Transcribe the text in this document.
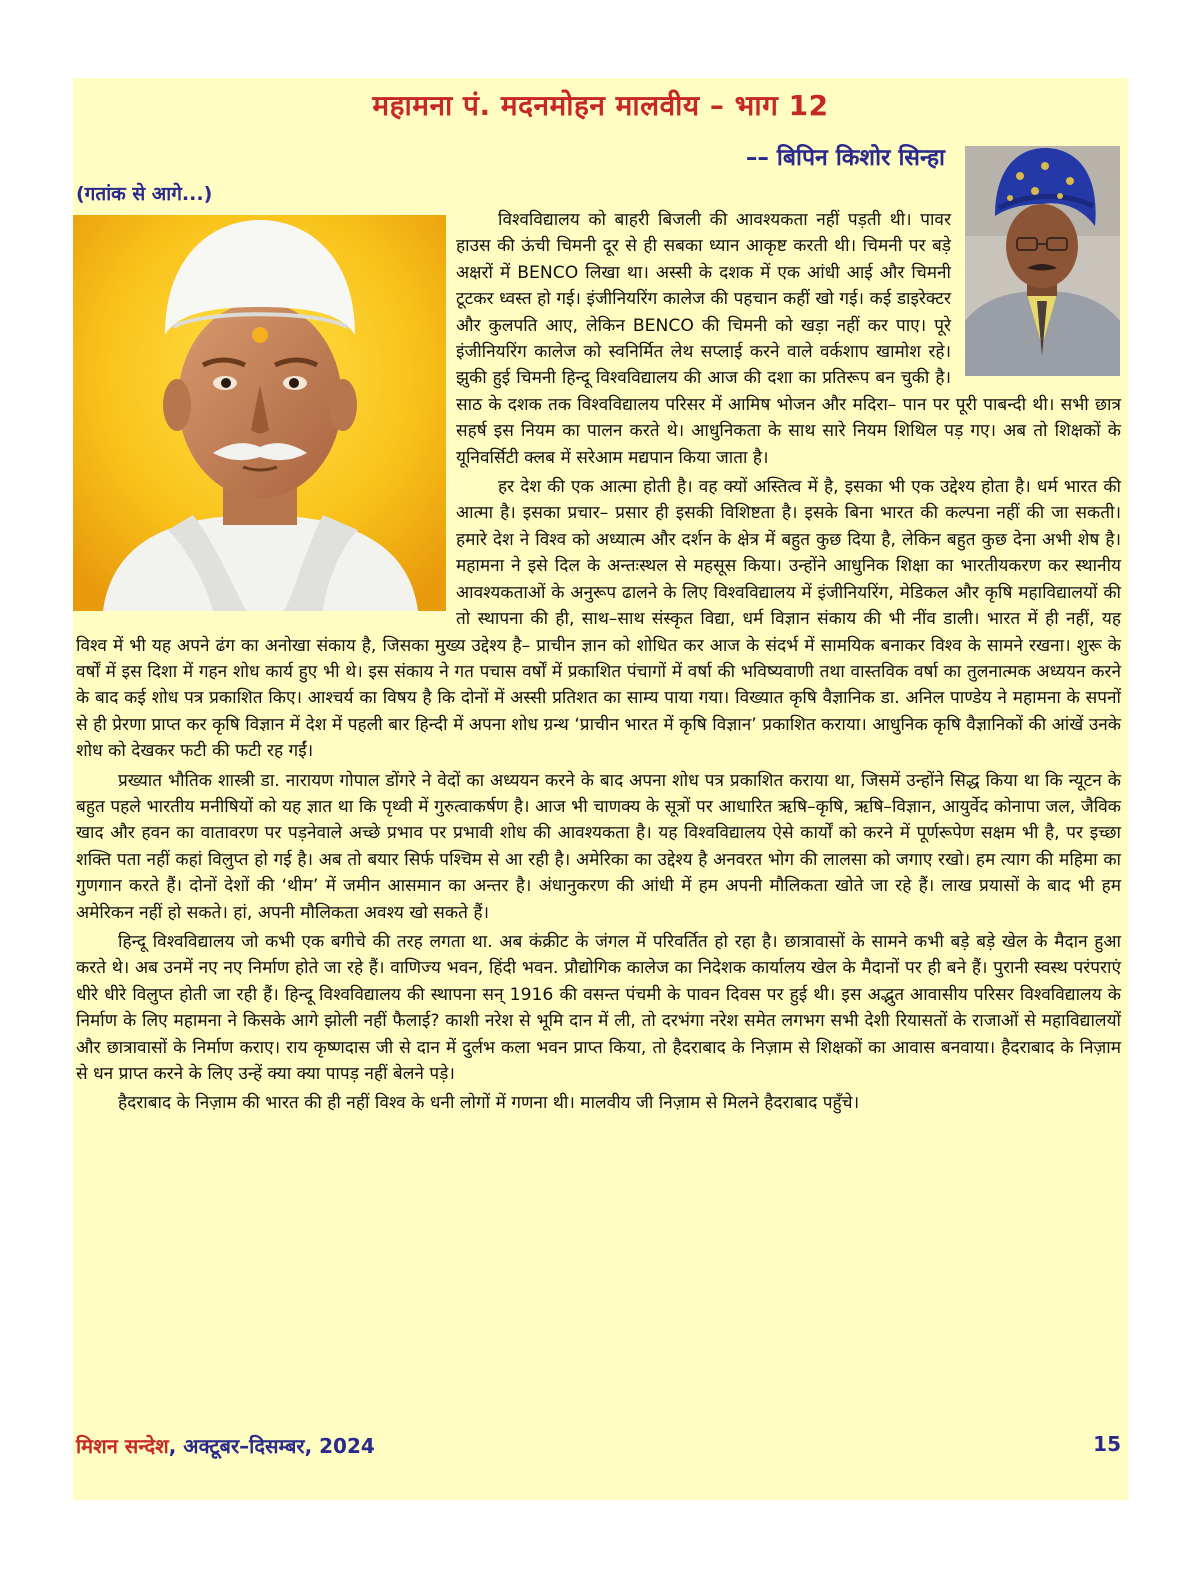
महामना पं. मदनमोहन मालवीय – भाग 12
–– बिपिन किशोर सिन्हा
(गतांक से आगे...)

विश्वविद्यालय को बाहरी बिजली की आवश्यकता नहीं पड़ती थी। पावर हाउस की ऊंची चिमनी दूर से ही सबका ध्यान आकृष्ट करती थी। चिमनी पर बड़े अक्षरों में BENCO लिखा था। अस्सी के दशक में एक आंधी आई और चिमनी टूटकर ध्वस्त हो गई। इंजीनियरिंग कालेज की पहचान कहीं खो गई। कई डाइरेक्टर और कुलपति आए, लेकिन BENCO की चिमनी को खड़ा नहीं कर पाए। पूरे इंजीनियरिंग कालेज को स्वनिर्मित लेथ सप्लाई करने वाले वर्कशाप खामोश रहे। झुकी हुई चिमनी हिन्दू विश्वविद्यालय की आज की दशा का प्रतिरूप बन चुकी है।साठ के दशक तक विश्वविद्यालय परिसर में आमिष भोजन और मदिरा– पान पर पूरी पाबन्दी थी। सभी छात्र सहर्ष इस नियम का पालन करते थे। आधुनिकता के साथ सारे नियम शिथिल पड़ गए। अब तो शिक्षकों के यूनिवर्सिटी क्लब में सरेआम मद्यपान किया जाता है।

हर देश की एक आत्मा होती है। वह क्यों अस्तित्व में है, इसका भी एक उद्देश्य होता है। धर्म भारत की आत्मा है। इसका प्रचार– प्रसार ही इसकी विशिष्टता है। इसके बिना भारत की कल्पना नहीं की जा सकती। हमारे देश ने विश्व को अध्यात्म और दर्शन के क्षेत्र में बहुत कुछ दिया है, लेकिन बहुत कुछ देना अभी शेष है। महामना ने इसे दिल के अन्तःस्थल से महसूस किया। उन्होंने आधुनिक शिक्षा का भारतीयकरण कर स्थानीय आवश्यकताओं के अनुरूप ढालने के लिए विश्वविद्यालय में इंजीनियरिंग, मेडिकल और कृषि महाविद्यालयों की तो स्थापना की ही, साथ–साथ संस्कृत विद्या, धर्म विज्ञान संकाय की भी नींव डाली। भारत में ही नहीं, यह विश्व में भी यह अपने ढंग का अनोखा संकाय है, जिसका मुख्य उद्देश्य है– प्राचीन ज्ञान को शोधित कर आज के संदर्भ में सामयिक बनाकर विश्व के सामने रखना। शुरू के वर्षों में इस दिशा में गहन शोध कार्य हुए भी थे। इस संकाय ने गत पचास वर्षों में प्रकाशित पंचागों में वर्षा की भविष्यवाणी तथा वास्तविक वर्षा का तुलनात्मक अध्ययन करने के बाद कई शोध पत्र प्रकाशित किए। आश्चर्य का विषय है कि दोनों में अस्सी प्रतिशत का साम्य पाया गया। विख्यात कृषि वैज्ञानिक डा. अनिल पाण्डेय ने महामना के सपनों से ही प्रेरणा प्राप्त कर कृषि विज्ञान में देश में पहली बार हिन्दी में अपना शोध ग्रन्थ ‘प्राचीन भारत में कृषि विज्ञान’ प्रकाशित कराया। आधुनिक कृषि वैज्ञानिकों की आंखें उनके शोध को देखकर फटी की फटी रह गईं।

प्रख्यात भौतिक शास्त्री डा. नारायण गोपाल डोंगरे ने वेदों का अध्ययन करने के बाद अपना शोध पत्र प्रकाशित कराया था, जिसमें उन्होंने सिद्ध किया था कि न्यूटन के बहुत पहले भारतीय मनीषियों को यह ज्ञात था कि पृथ्वी में गुरुत्वाकर्षण है। आज भी चाणक्य के सूत्रों पर आधारित ऋषि–कृषि, ऋषि–विज्ञान, आयुर्वेद कोनापा जल, जैविक खाद और हवन का वातावरण पर पड़नेवाले अच्छे प्रभाव पर प्रभावी शोध की आवश्यकता है। यह विश्वविद्यालय ऐसे कार्यों को करने में पूर्णरूपेण सक्षम भी है, पर इच्छा शक्ति पता नहीं कहां विलुप्त हो गई है। अब तो बयार सिर्फ पश्चिम से आ रही है। अमेरिका का उद्देश्य है अनवरत भोग की लालसा को जगाए रखो। हम त्याग की महिमा का गुणगान करते हैं। दोनों देशों की ‘थीम’ में जमीन आसमान का अन्तर है। अंधानुकरण की आंधी में हम अपनी मौलिकता खोते जा रहे हैं। लाख प्रयासों के बाद भी हम अमेरिकन नहीं हो सकते। हां, अपनी मौलिकता अवश्य खो सकते हैं।

हिन्दू विश्वविद्यालय जो कभी एक बगीचे की तरह लगता था. अब कंक्रीट के जंगल में परिवर्तित हो रहा है। छात्रावासों के सामने कभी बड़े बड़े खेल के मैदान हुआ करते थे। अब उनमें नए नए निर्माण होते जा रहे हैं। वाणिज्य भवन, हिंदी भवन. प्रौद्योगिक कालेज का निदेशक कार्यालय खेल के मैदानों पर ही बने हैं। पुरानी स्वस्थ परंपराएं धीरे धीरे विलुप्त होती जा रही हैं। हिन्दू विश्वविद्यालय की स्थापना सन् 1916 की वसन्त पंचमी के पावन दिवस पर हुई थी। इस अद्भुत आवासीय परिसर विश्वविद्यालय के निर्माण के लिए महामना ने किसके आगे झोली नहीं फैलाई? काशी नरेश से भूमि दान में ली, तो दरभंगा नरेश समेत लगभग सभी देशी रियासतों के राजाओं से महाविद्यालयों और छात्रावासों के निर्माण कराए। राय कृष्णदास जी से दान में दुर्लभ कला भवन प्राप्त किया, तो हैदराबाद के निज़ाम से शिक्षकों का आवास बनवाया। हैदराबाद के निज़ाम से धन प्राप्त करने के लिए उन्हें क्या क्या पापड़ नहीं बेलने पड़े।

हैदराबाद के निज़ाम की भारत की ही नहीं विश्व के धनी लोगों में गणना थी। मालवीय जी निज़ाम से मिलने हैदराबाद पहुँचे।

मिशन सन्देश, अक्टूबर–दिसम्बर, 2024	15
